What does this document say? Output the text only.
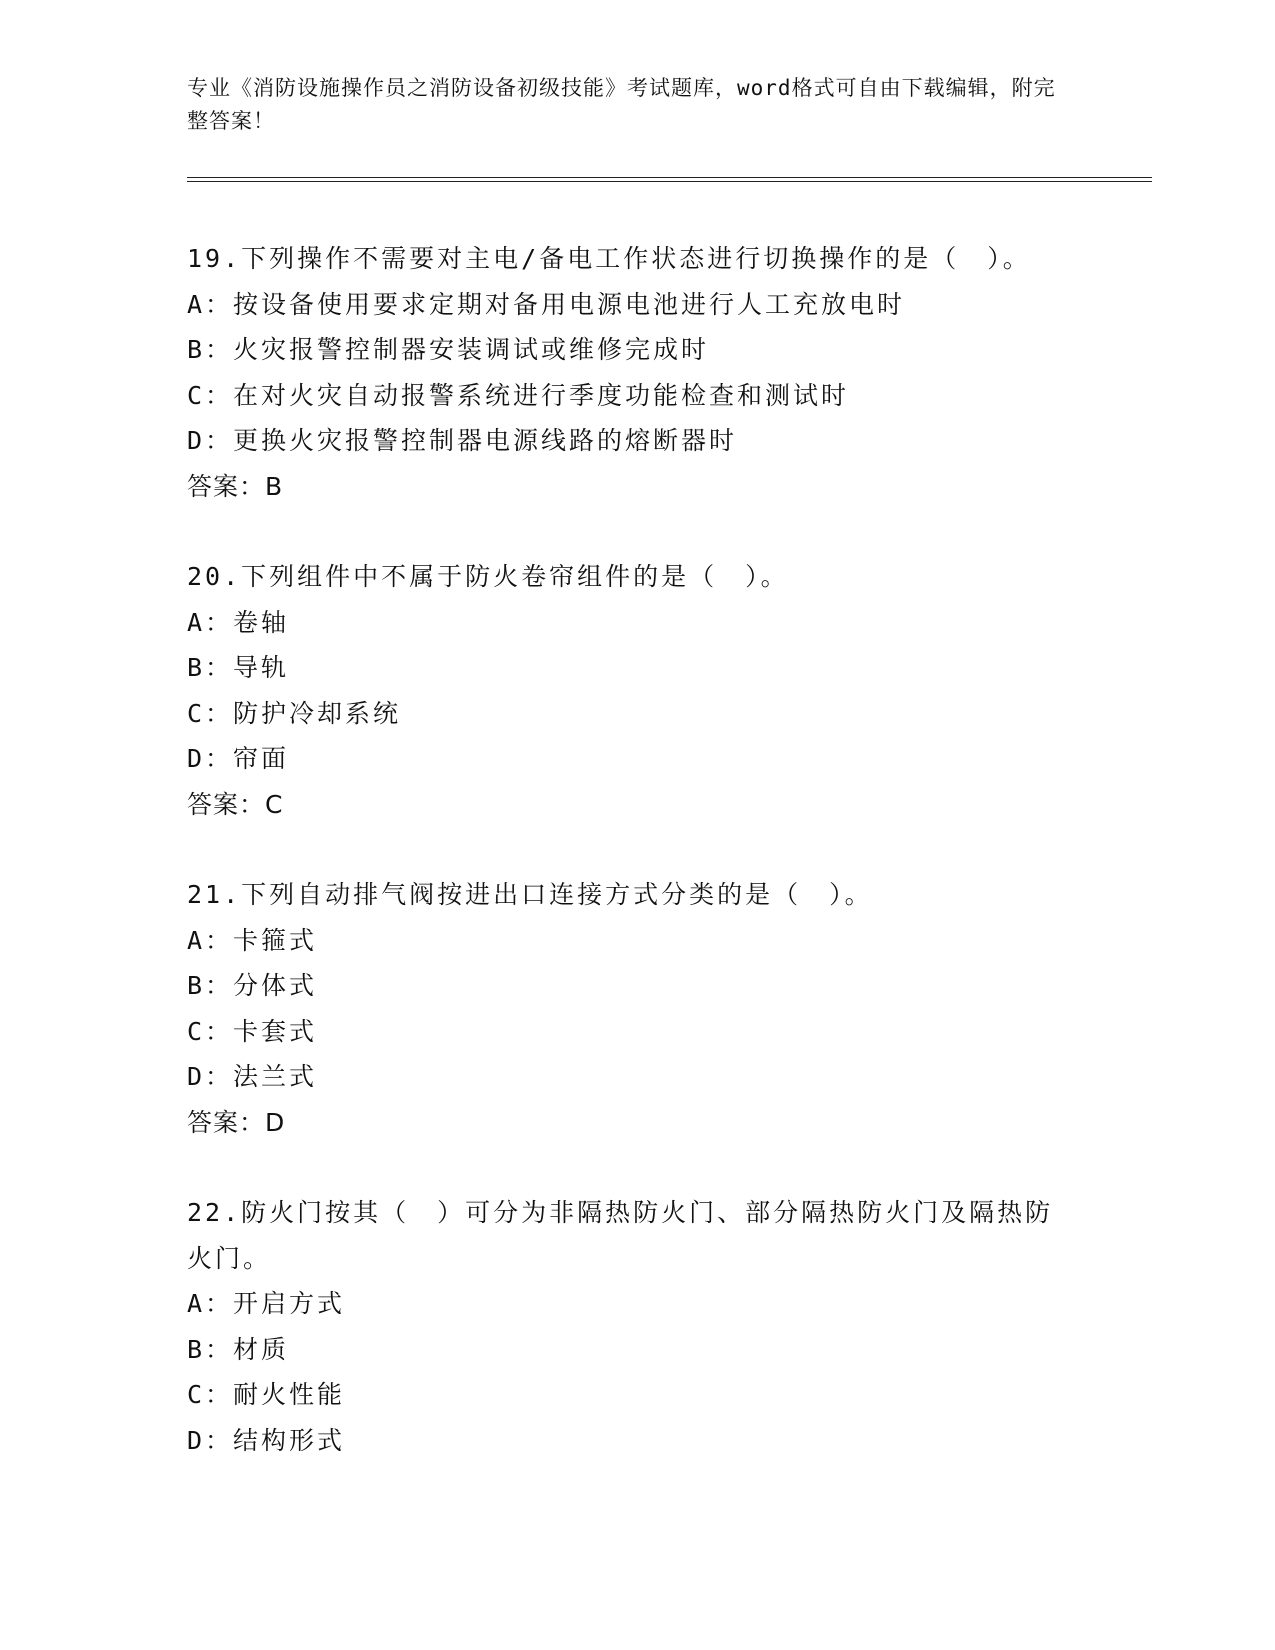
专业《消防设施操作员之消防设备初级技能》考试题库，word格式可自由下载编辑，附完整答案！

19.下列操作不需要对主电/备电工作状态进行切换操作的是（　）。

A：按设备使用要求定期对备用电源电池进行人工充放电时

B：火灾报警控制器安装调试或维修完成时

C：在对火灾自动报警系统进行季度功能检查和测试时

D：更换火灾报警控制器电源线路的熔断器时

答案：B

20.下列组件中不属于防火卷帘组件的是（　）。

A：卷轴

B：导轨

C：防护冷却系统

D：帘面

答案：C

21.下列自动排气阀按进出口连接方式分类的是（　）。

A：卡箍式

B：分体式

C：卡套式

D：法兰式

答案：D

22.防火门按其（　）可分为非隔热防火门、部分隔热防火门及隔热防火门。

A：开启方式

B：材质

C：耐火性能

D：结构形式
